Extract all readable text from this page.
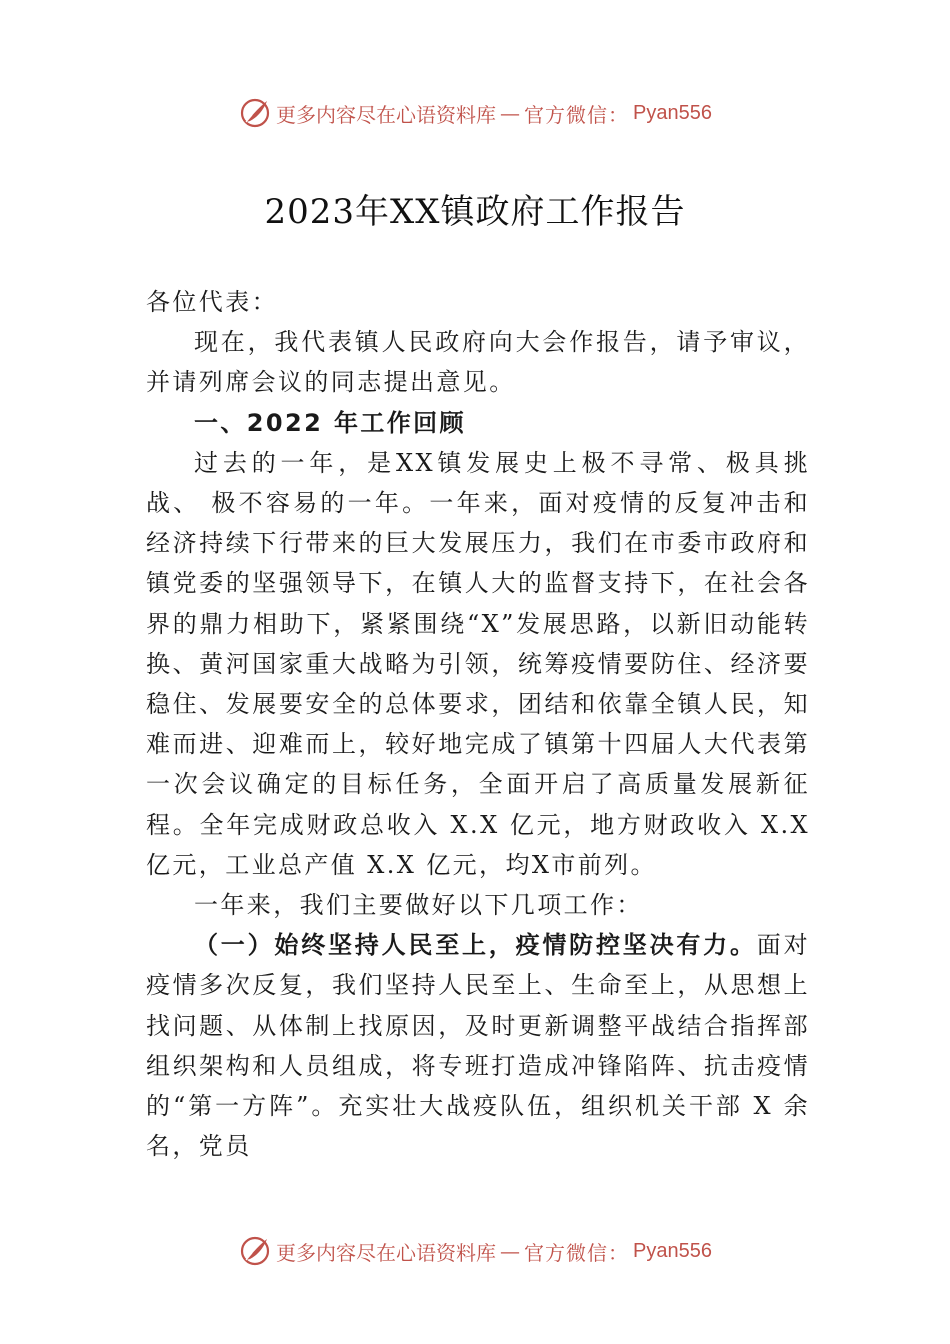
更多内容尽在心语资料库 — 官方微信： Pyan556
2023年XX镇政府工作报告

各位代表：

现在，我代表镇人民政府向大会作报告，请予审议，并请列席会议的同志提出意见。

一、2022 年工作回顾

过去的一年，是XX镇发展史上极不寻常、极具挑战、 极不容易的一年。一年来，面对疫情的反复冲击和经济持续下行带来的巨大发展压力，我们在市委市政府和镇党委的坚强领导下，在镇人大的监督支持下，在社会各界的鼎力相助下，紧紧围绕“X”发展思路，以新旧动能转换、黄河国家重大战略为引领，统筹疫情要防住、经济要稳住、发展要安全的总体要求，团结和依靠全镇人民，知难而进、迎难而上，较好地完成了镇第十四届人大代表第一次会议确定的目标任务，全面开启了高质量发展新征程。全年完成财政总收入 X.X 亿元，地方财政收入 X.X 亿元，工业总产值 X.X 亿元，均X市前列。

一年来，我们主要做好以下几项工作：

（一）始终坚持人民至上，疫情防控坚决有力。面对疫情多次反复，我们坚持人民至上、生命至上，从思想上找问题、从体制上找原因，及时更新调整平战结合指挥部组织架构和人员组成，将专班打造成冲锋陷阵、抗击疫情的“第一方阵”。充实壮大战疫队伍，组织机关干部 X 余名，党员

更多内容尽在心语资料库 — 官方微信： Pyan556
